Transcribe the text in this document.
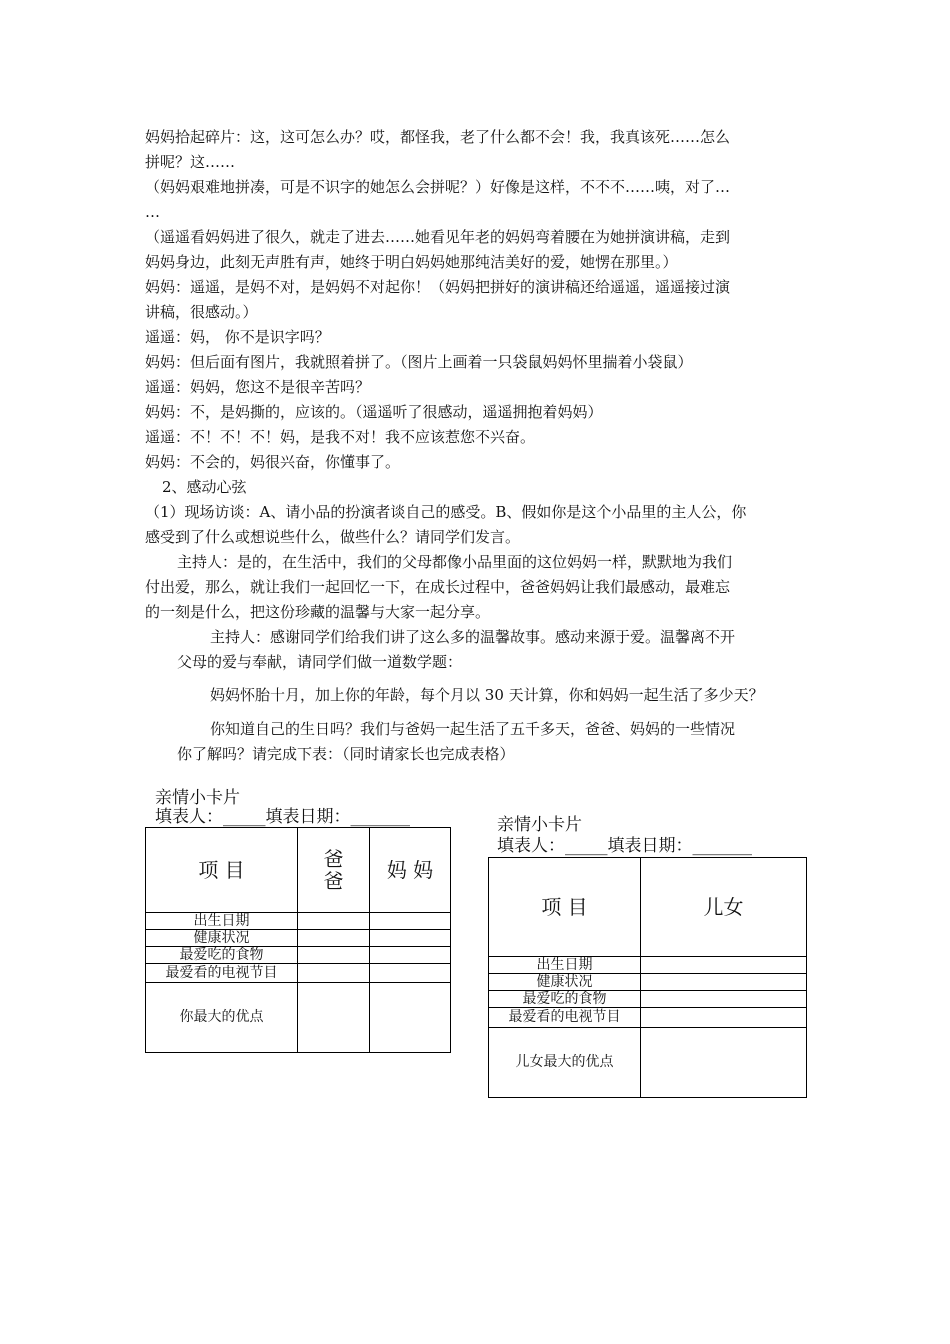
妈妈拾起碎片：这，这可怎么办？哎，都怪我，老了什么都不会！我，我真该死……怎么
拼呢？这……
（妈妈艰难地拼凑，可是不识字的她怎么会拼呢？）好像是这样，不不不……咦，对了…
…
（遥遥看妈妈进了很久，就走了进去……她看见年老的妈妈弯着腰在为她拼演讲稿，走到
妈妈身边，此刻无声胜有声，她终于明白妈妈她那纯洁美好的爱，她愣在那里。）
妈妈：遥遥，是妈不对，是妈妈不对起你！（妈妈把拼好的演讲稿还给遥遥，遥遥接过演
讲稿，很感动。）
遥遥：妈， 你不是识字吗？
妈妈：但后面有图片，我就照着拼了。（图片上画着一只袋鼠妈妈怀里揣着小袋鼠）
遥遥：妈妈，您这不是很辛苦吗？
妈妈：不，是妈撕的，应该的。（遥遥听了很感动，遥遥拥抱着妈妈）
遥遥：不！不！不！妈，是我不对！我不应该惹您不兴奋。
妈妈：不会的，妈很兴奋，你懂事了。
2、感动心弦
（1）现场访谈：A、请小品的扮演者谈自己的感受。B、假如你是这个小品里的主人公，你
感受到了什么或想说些什么，做些什么？请同学们发言。
主持人：是的，在生活中，我们的父母都像小品里面的这位妈妈一样，默默地为我们
付出爱，那么，就让我们一起回忆一下，在成长过程中，爸爸妈妈让我们最感动，最难忘
的一刻是什么，把这份珍藏的温馨与大家一起分享。
主持人：感谢同学们给我们讲了这么多的温馨故事。感动来源于爱。温馨离不开
父母的爱与奉献，请同学们做一道数学题：
妈妈怀胎十月，加上你的年龄，每个月以 30 天计算，你和妈妈一起生活了多少天？
你知道自己的生日吗？我们与爸妈一起生活了五千多天，爸爸、妈妈的一些情况
你了解吗？请完成下表：（同时请家长也完成表格）
亲情小卡片
填表人：_____填表日期：_______
项 目	爸爸	妈 妈
出生日期		
健康状况		
最爱吃的食物		
最爱看的电视节目		
你最大的优点		
亲情小卡片
填表人：_____填表日期：_______
项 目	儿女
出生日期	
健康状况	
最爱吃的食物	
最爱看的电视节目	
儿女最大的优点	
